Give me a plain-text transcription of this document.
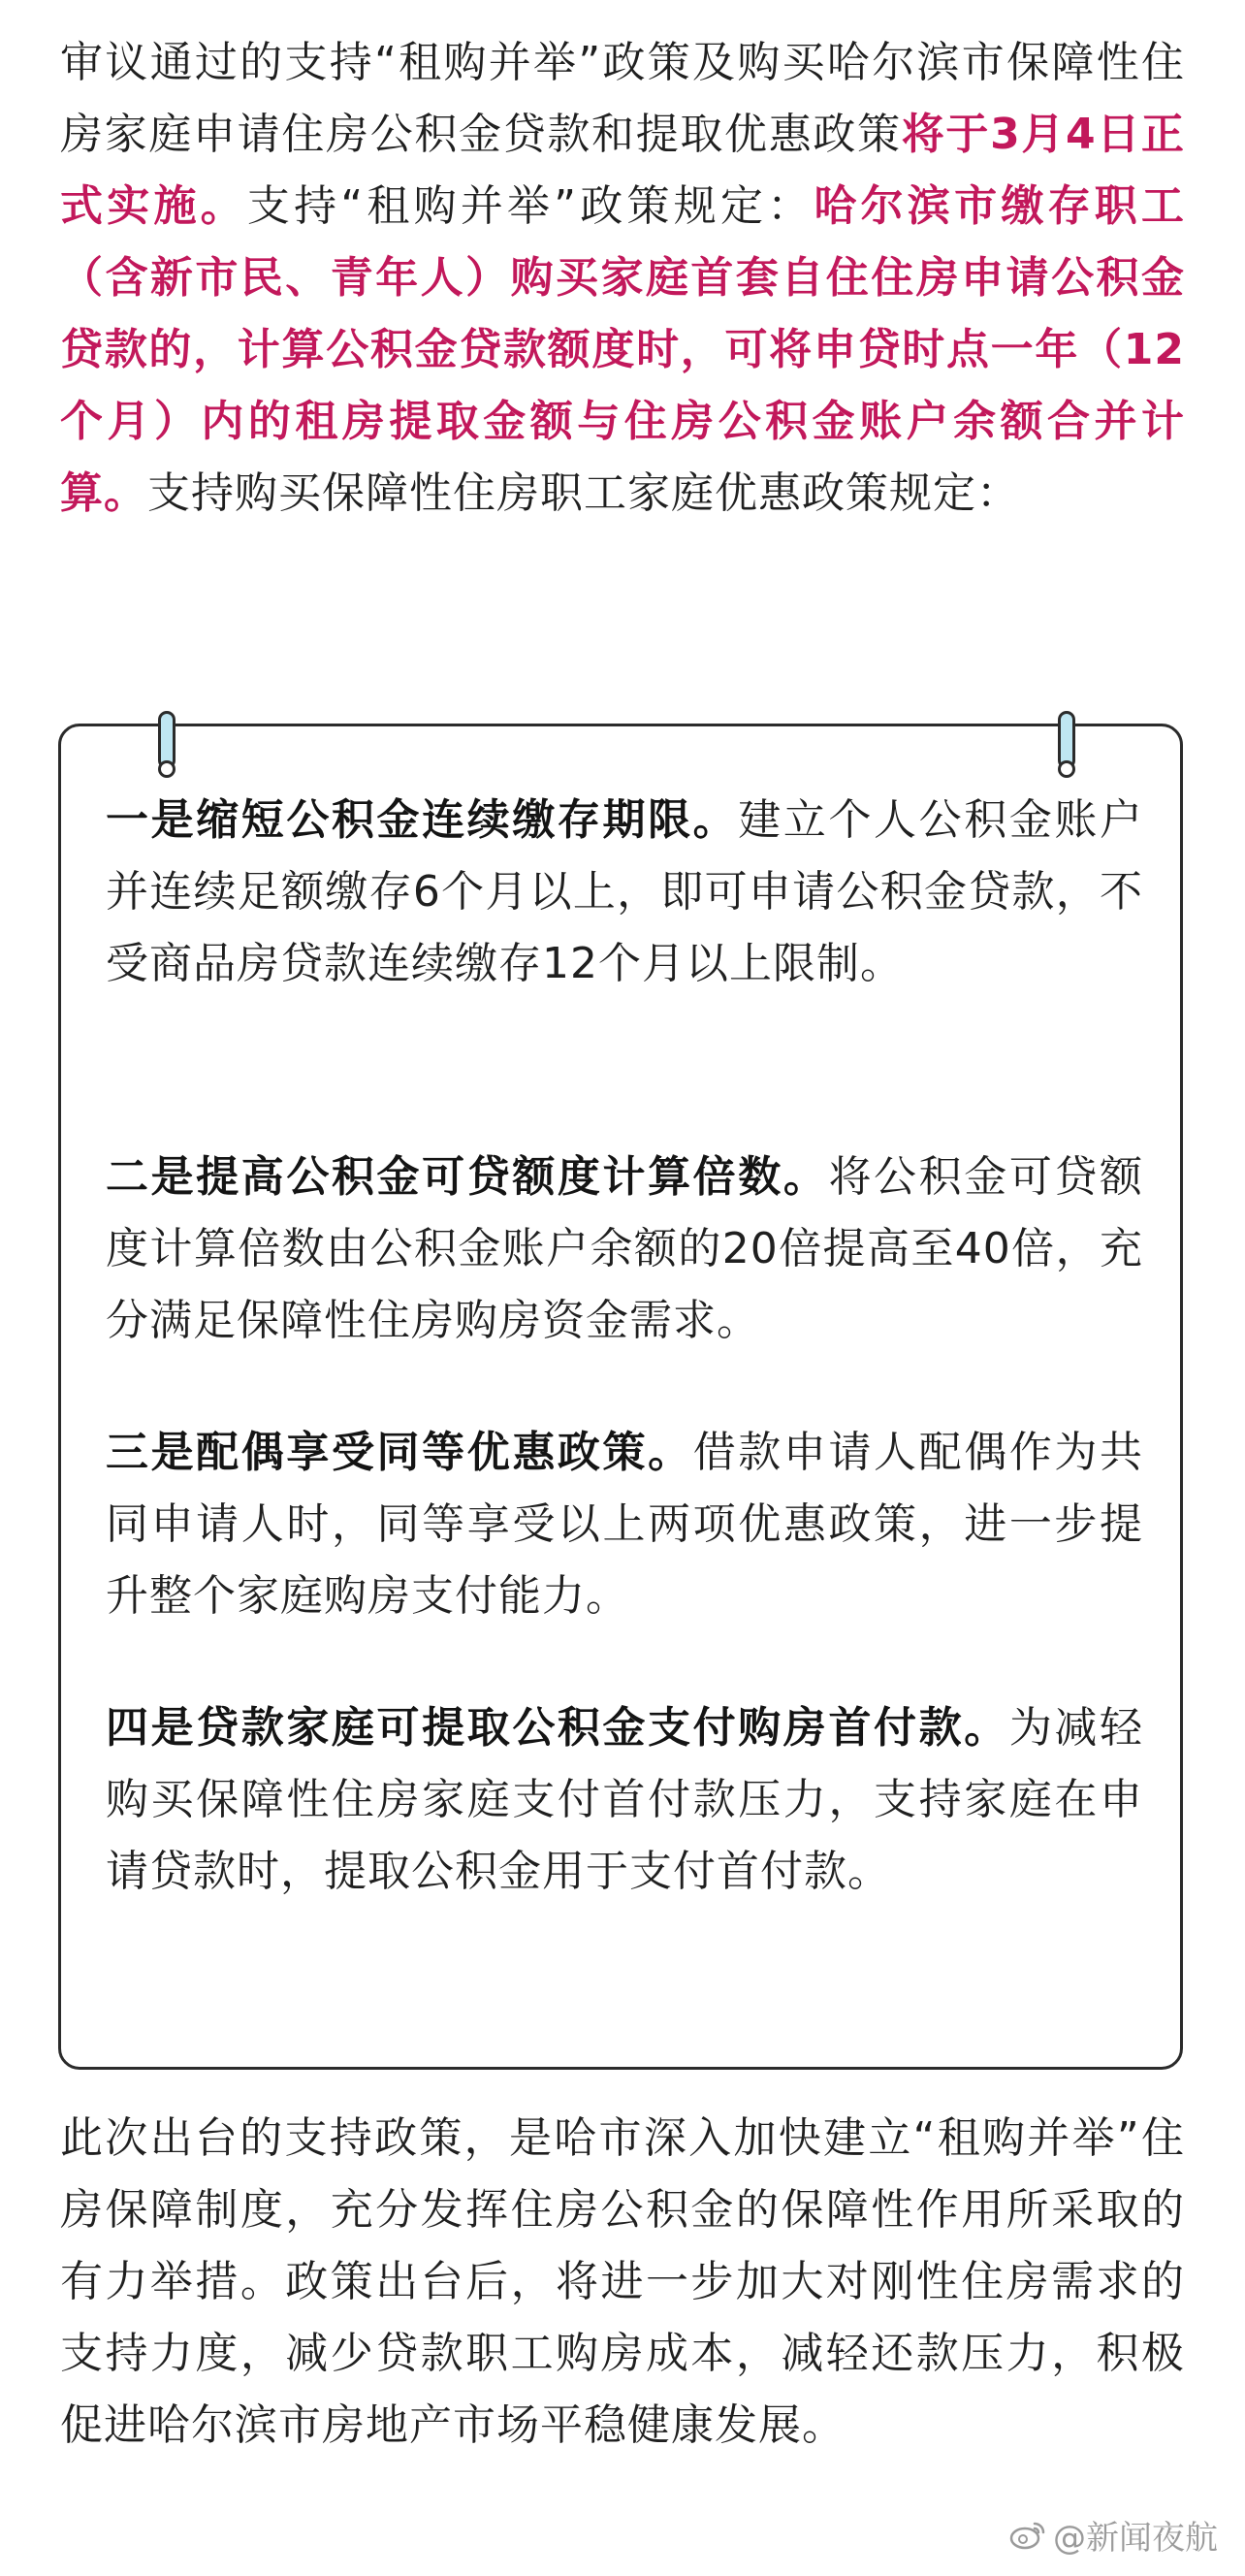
审议通过的支持“租购并举”政策及购买哈尔滨市保障性住房家庭申请住房公积金贷款和提取优惠政策将于3月4日正式实施。支持“租购并举”政策规定：哈尔滨市缴存职工（含新市民、青年人）购买家庭首套自住住房申请公积金贷款的，计算公积金贷款额度时，可将申贷时点一年（12个月）内的租房提取金额与住房公积金账户余额合并计算。支持购买保障性住房职工家庭优惠政策规定：

一是缩短公积金连续缴存期限。建立个人公积金账户并连续足额缴存6个月以上，即可申请公积金贷款，不受商品房贷款连续缴存12个月以上限制。

二是提高公积金可贷额度计算倍数。将公积金可贷额度计算倍数由公积金账户余额的20倍提高至40倍，充分满足保障性住房购房资金需求。

三是配偶享受同等优惠政策。借款申请人配偶作为共同申请人时，同等享受以上两项优惠政策，进一步提升整个家庭购房支付能力。

四是贷款家庭可提取公积金支付购房首付款。为减轻购买保障性住房家庭支付首付款压力，支持家庭在申请贷款时，提取公积金用于支付首付款。

此次出台的支持政策，是哈市深入加快建立“租购并举”住房保障制度，充分发挥住房公积金的保障性作用所采取的有力举措。政策出台后，将进一步加大对刚性住房需求的支持力度，减少贷款职工购房成本，减轻还款压力，积极促进哈尔滨市房地产市场平稳健康发展。

@新闻夜航
